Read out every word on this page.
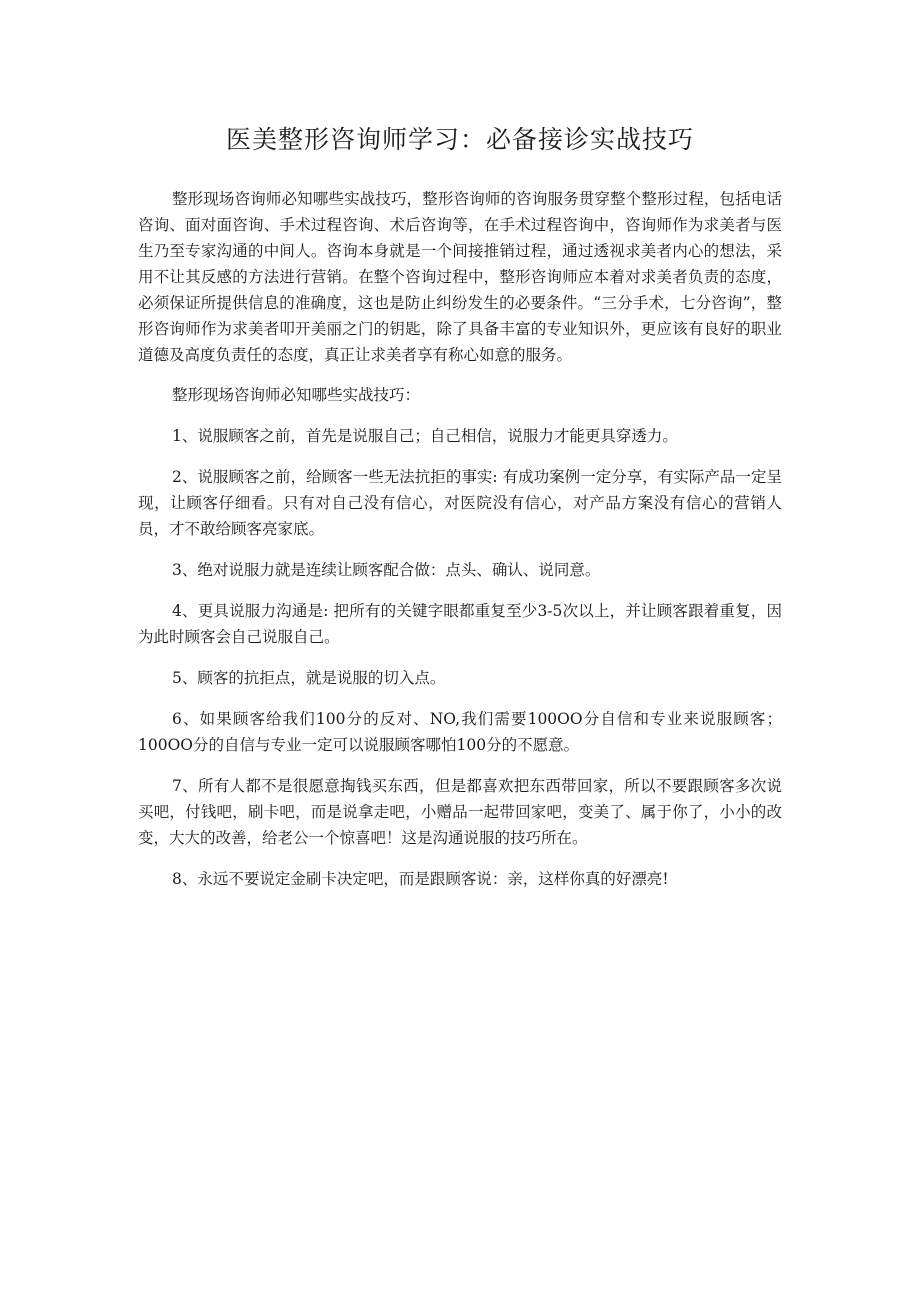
医美整形咨询师学习：必备接诊实战技巧

整形现场咨询师必知哪些实战技巧，整形咨询师的咨询服务贯穿整个整形过程，包括电话咨询、面对面咨询、手术过程咨询、术后咨询等，在手术过程咨询中，咨询师作为求美者与医生乃至专家沟通的中间人。咨询本身就是一个间接推销过程，通过透视求美者内心的想法，采用不让其反感的方法进行营销。在整个咨询过程中，整形咨询师应本着对求美者负责的态度，必须保证所提供信息的准确度，这也是防止纠纷发生的必要条件。“三分手术，七分咨询”，整形咨询师作为求美者叩开美丽之门的钥匙，除了具备丰富的专业知识外，更应该有良好的职业道德及高度负责任的态度，真正让求美者享有称心如意的服务。

整形现场咨询师必知哪些实战技巧：

1、说服顾客之前，首先是说服自己；自己相信，说服力才能更具穿透力。

2、说服顾客之前，给顾客一些无法抗拒的事实: 有成功案例一定分享，有实际产品一定呈现，让顾客仔细看。只有对自己没有信心，对医院没有信心，对产品方案没有信心的营销人员，才不敢给顾客亮家底。

3、绝对说服力就是连续让顾客配合做：点头、确认、说同意。

4、更具说服力沟通是: 把所有的关键字眼都重复至少3-5次以上，并让顾客跟着重复，因为此时顾客会自己说服自己。

5、顾客的抗拒点，就是说服的切入点。

6、如果顾客给我们100分的反对、NO,我们需要100OO分自信和专业来说服顾客；100OO分的自信与专业一定可以说服顾客哪怕100分的不愿意。

7、所有人都不是很愿意掏钱买东西，但是都喜欢把东西带回家，所以不要跟顾客多次说买吧，付钱吧，刷卡吧，而是说拿走吧，小赠品一起带回家吧，变美了、属于你了，小小的改变，大大的改善，给老公一个惊喜吧！这是沟通说服的技巧所在。

8、永远不要说定金刷卡决定吧，而是跟顾客说：亲，这样你真的好漂亮!
